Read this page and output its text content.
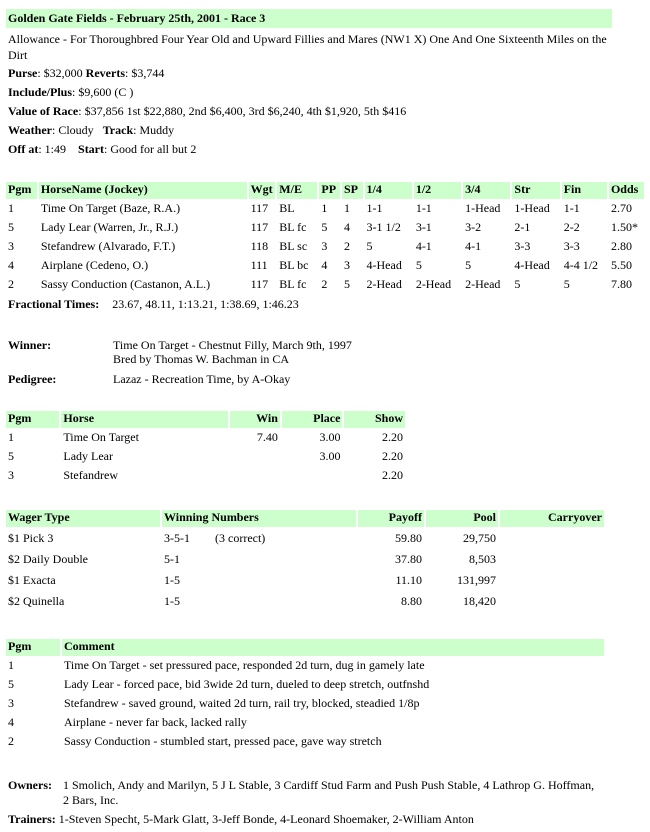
Golden Gate Fields - February 25th, 2001 - Race 3
Allowance - For Thoroughbred Four Year Old and Upward Fillies and Mares (NW1 X) One And One Sixteenth Miles on the Dirt
Purse: $32,000 Reverts: $3,744
Include/Plus: $9,600 (C )
Value of Race: $37,856 1st $22,880, 2nd $6,400, 3rd $6,240, 4th $1,920, 5th $416
Weather: Cloudy Track: Muddy
Off at: 1:49 Start: Good for all but 2
Pgm	HorseName (Jockey)	Wgt	M/E	PP	SP	1/4	1/2	3/4	Str	Fin	Odds
1	Time On Target (Baze, R.A.)	117	BL	1	1	1-1	1-1	1-Head	1-Head	1-1	2.70
5	Lady Lear (Warren, Jr., R.J.)	117	BL fc	5	4	3-1 1/2	3-1	3-2	2-1	2-2	1.50*
3	Stefandrew (Alvarado, F.T.)	118	BL sc	3	2	5	4-1	4-1	3-3	3-3	2.80
4	Airplane (Cedeno, O.)	111	BL bc	4	3	4-Head	5	5	4-Head	4-4 1/2	5.50
2	Sassy Conduction (Castanon, A.L.)	117	BL fc	2	5	2-Head	2-Head	2-Head	5	5	7.80
Fractional Times: 23.67, 48.11, 1:13.21, 1:38.69, 1:46.23
Winner:	Time On Target - Chestnut Filly, March 9th, 1997
Bred by Thomas W. Bachman in CA
Pedigree:	Lazaz - Recreation Time, by A-Okay
Pgm	Horse	Win	Place	Show
1	Time On Target	7.40	3.00	2.20
5	Lady Lear		3.00	2.20
3	Stefandrew			2.20
Wager Type	Winning Numbers		Payoff	Pool	Carryover
$1 Pick 3	3-5-1	(3 correct)	59.80	29,750	
$2 Daily Double	5-1		37.80	8,503	
$1 Exacta	1-5		11.10	131,997	
$2 Quinella	1-5		8.80	18,420	
Pgm	Comment
1	Time On Target - set pressured pace, responded 2d turn, dug in gamely late
5	Lady Lear - forced pace, bid 3wide 2d turn, dueled to deep stretch, outfnshd
3	Stefandrew - saved ground, waited 2d turn, rail try, blocked, steadied 1/8p
4	Airplane - never far back, lacked rally
2	Sassy Conduction - stumbled start, pressed pace, gave way stretch
Owners: 1 Smolich, Andy and Marilyn, 5 J L Stable, 3 Cardiff Stud Farm and Push Push Stable, 4 Lathrop G. Hoffman, 2 Bars, Inc.
Trainers: 1-Steven Specht, 5-Mark Glatt, 3-Jeff Bonde, 4-Leonard Shoemaker, 2-William Anton
